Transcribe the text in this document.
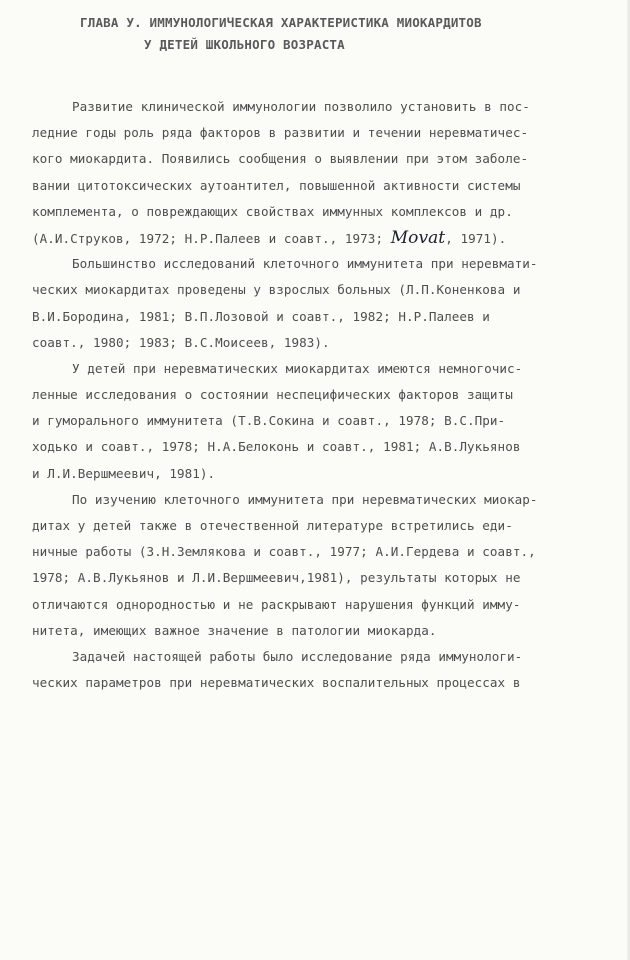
ГЛАВА У. ИММУНОЛОГИЧЕСКАЯ ХАРАКТЕРИСТИКА МИОКАРДИТОВ
У ДЕТЕЙ ШКОЛЬНОГО ВОЗРАСТА
Развитие клинической иммунологии позволило установить в пос-
ледние годы роль ряда факторов в развитии и течении неревматичес-
кого миокардита. Появились сообщения о выявлении при этом заболе-
вании цитотоксических аутоантител, повышенной активности системы
комплемента, о повреждающих свойствах иммунных комплексов и др.
(А.И.Струков, 1972; Н.Р.Палеев и соавт., 1973; Movat, 1971).
Большинство исследований клеточного иммунитета при неревмати-
ческих миокардитах проведены у взрослых больных (Л.П.Коненкова и
В.И.Бородина, 1981; В.П.Лозовой и соавт., 1982; Н.Р.Палеев и
соавт., 1980; 1983; В.С.Моисеев, 1983).
У детей при неревматических миокардитах имеются немногочис-
ленные исследования о состоянии неспецифических факторов защиты
и гуморального иммунитета (Т.В.Сокина и соавт., 1978; В.С.При-
ходько и соавт., 1978; Н.А.Белоконь и соавт., 1981; А.В.Лукьянов
и Л.И.Вершмеевич, 1981).
По изучению клеточного иммунитета при неревматических миокар-
дитах у детей также в отечественной литературе встретились еди-
ничные работы (З.Н.Землякова и соавт., 1977; А.И.Гердева и соавт.,
1978; А.В.Лукьянов и Л.И.Вершмеевич,1981), результаты которых не
отличаются однородностью и не раскрывают нарушения функций имму-
нитета, имеющих важное значение в патологии миокарда.
Задачей настоящей работы было исследование ряда иммунологи-
ческих параметров при неревматических воспалительных процессах в
